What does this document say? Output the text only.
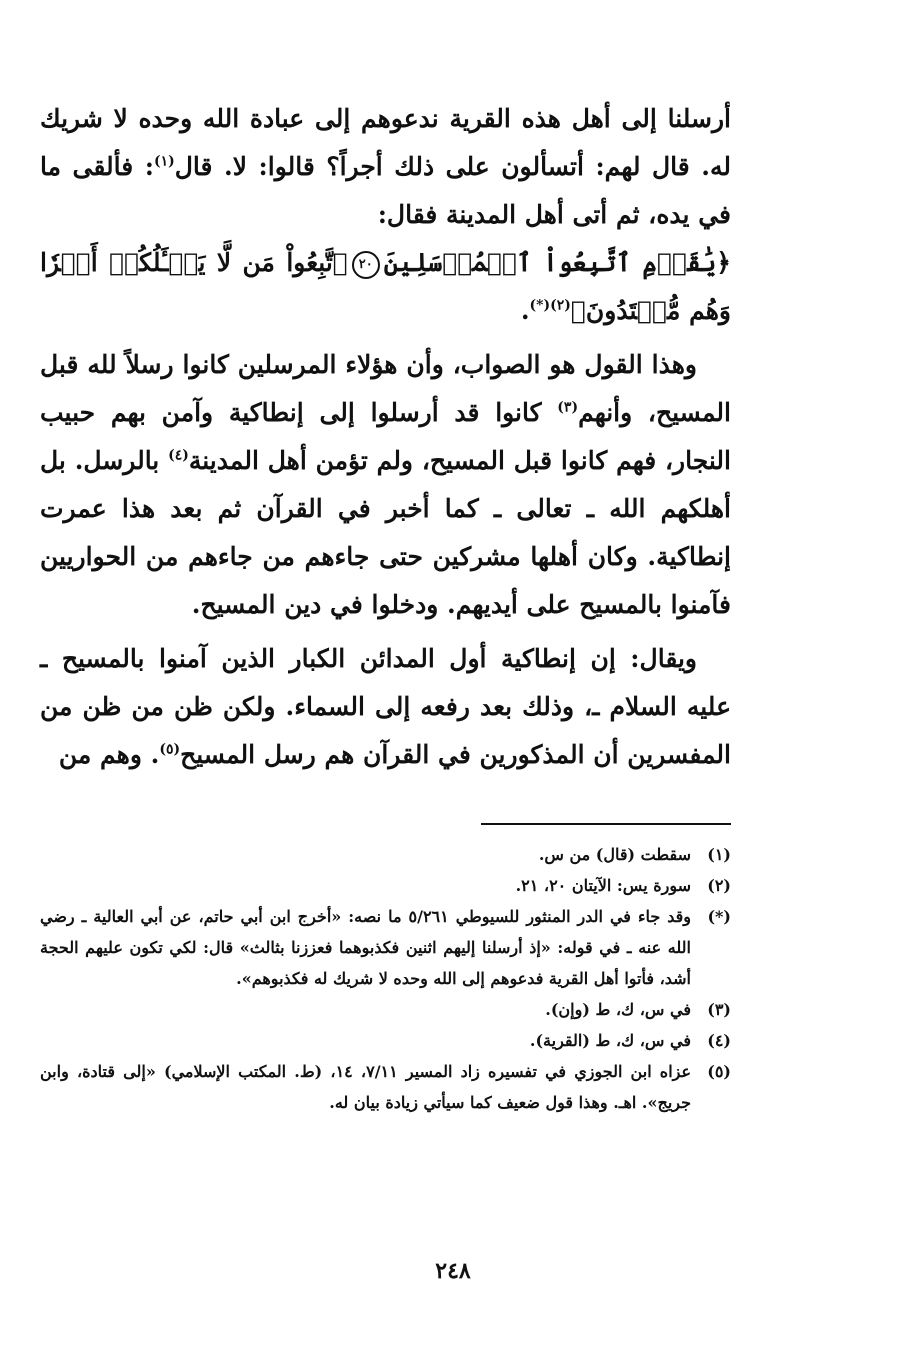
أرسلنا إلى أهل هذه القرية ندعوهم إلى عبادة الله وحده لا شريك له. قال لهم: أتسألون على ذلك أجراً؟ قالوا: لا. قال$^{(١)}$: فألقى ما في يده، ثم أتى أهل المدينة فقال:

﴿يَٰقَوۡمِ ٱتَّبِعُواْ ٱلۡمُرۡسَلِينَ٢٠ٱتَّبِعُواْ مَن لَّا يَسۡـَٔلُكُمۡ أَجۡرٗا وَهُم مُّهۡتَدُونَ﴾$^{(٢)(*)}$.

وهذا القول هو الصواب، وأن هؤلاء المرسلين كانوا رسلاً لله قبل المسيح، وأنهم$^{(٣)}$ كانوا قد أرسلوا إلى إنطاكية وآمن بهم حبيب النجار، فهم كانوا قبل المسيح، ولم تؤمن أهل المدينة$^{(٤)}$ بالرسل. بل أهلكهم الله ـ تعالى ـ كما أخبر في القرآن ثم بعد هذا عمرت إنطاكية. وكان أهلها مشركين حتى جاءهم من جاءهم من الحواريين فآمنوا بالمسيح على أيديهم. ودخلوا في دين المسيح.

ويقال: إن إنطاكية أول المدائن الكبار الذين آمنوا بالمسيح ـ عليه السلام ـ، وذلك بعد رفعه إلى السماء. ولكن ظن من ظن من المفسرين أن المذكورين في القرآن هم رسل المسيح$^{(٥)}$. وهم من

(١)
سقطت (قال) من س.
(٢)
سورة يس: الآيتان ٢٠، ٢١.
(*)
وقد جاء في الدر المنثور للسيوطي ٥/٢٦١ ما نصه: «أخرج ابن أبي حاتم، عن أبي العالية ـ رضي الله عنه ـ في قوله: «إذ أرسلنا إليهم اثنين فكذبوهما فعززنا بثالث» قال: لكي تكون عليهم الحجة أشد، فأتوا أهل القرية فدعوهم إلى الله وحده لا شريك له فكذبوهم».
(٣)
في س، ك، ط (وإن).
(٤)
في س، ك، ط (القرية).
(٥)
عزاه ابن الجوزي في تفسيره زاد المسير ٧/١١، ١٤، (ط. المكتب الإسلامي) «إلى قتادة، وابن جريج». اهـ. وهذا قول ضعيف كما سيأتي زيادة بيان له.
٢٤٨
